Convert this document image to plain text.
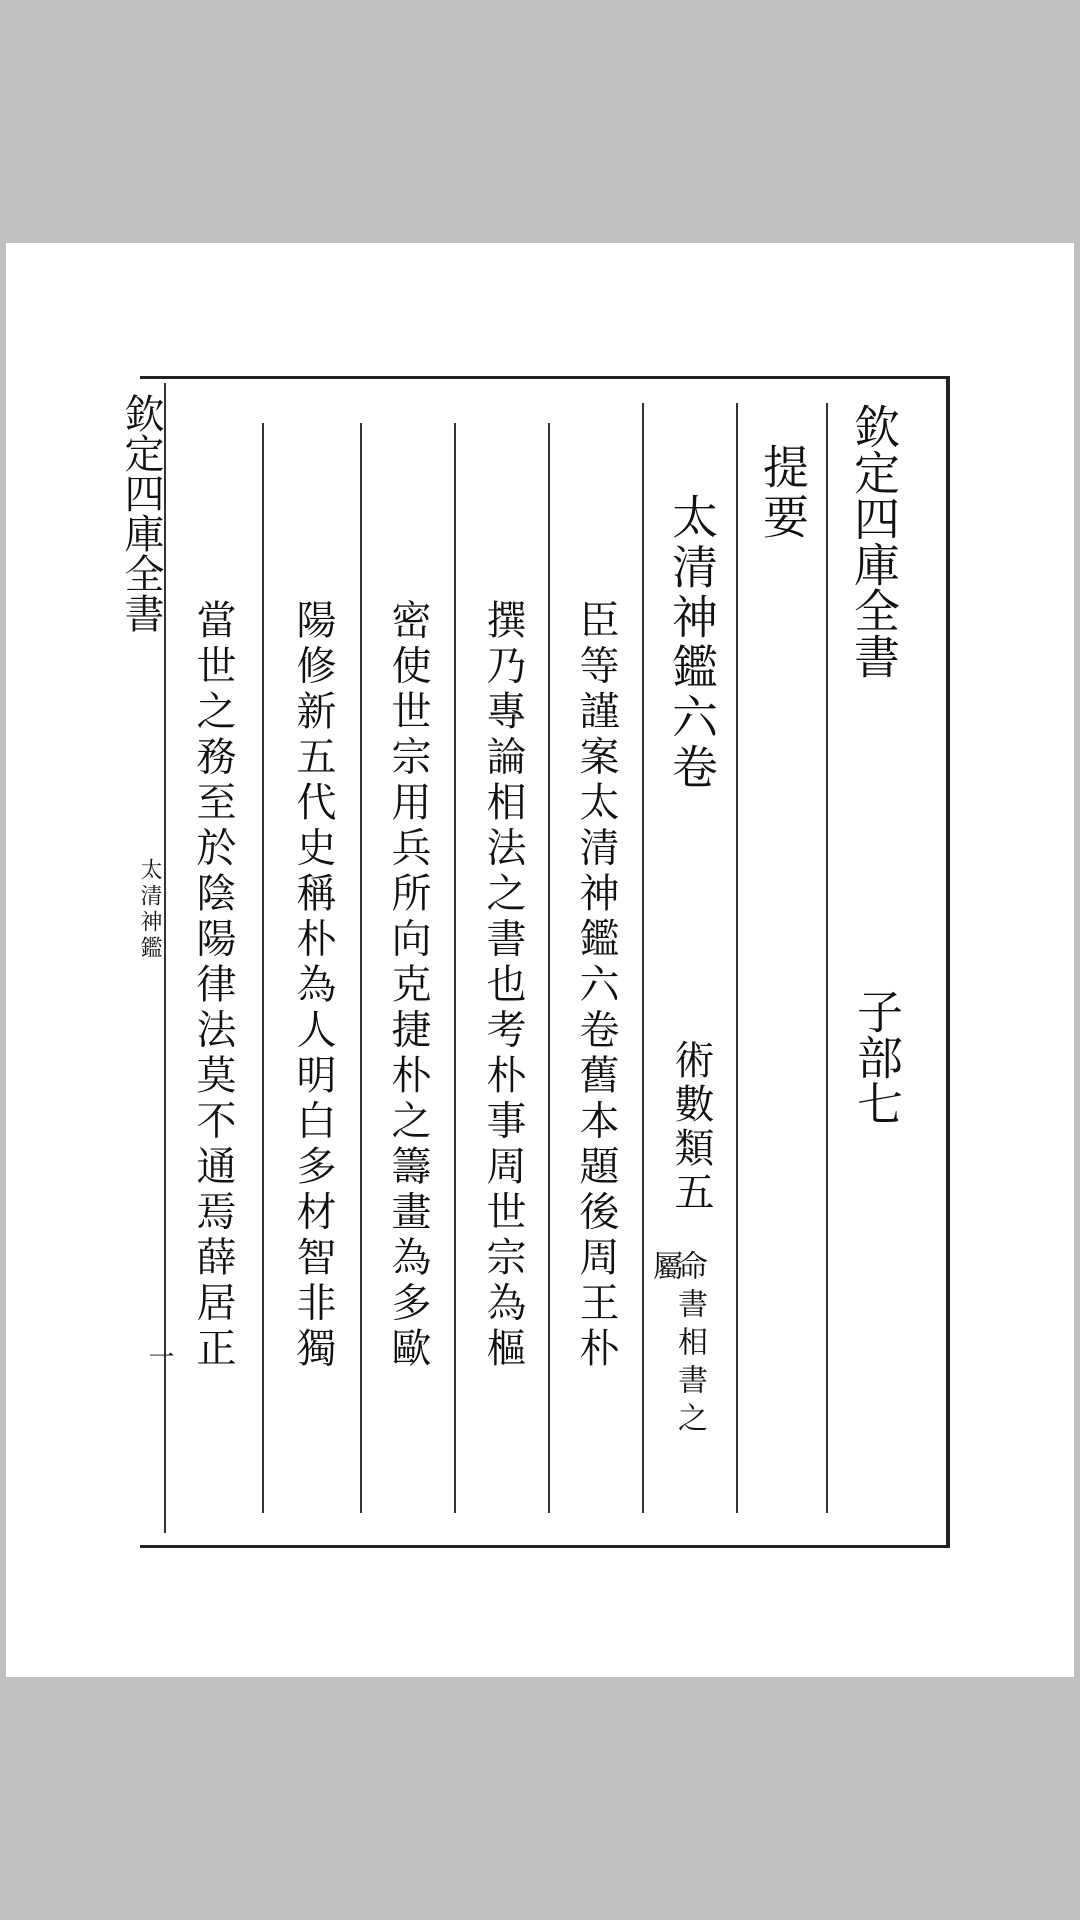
欽定四庫全書
子部七
提要
太清神鑑六卷
術數類五
命書相書之
屬
臣等謹案太清神鑑六卷舊本題後周王朴
撰乃專論相法之書也考朴事周世宗為樞
密使世宗用兵所向克捷朴之籌畫為多歐
陽修新五代史稱朴為人明白多材智非獨
當世之務至於陰陽律法莫不通焉薛居正
欽定四庫全書
太清神鑑
一
